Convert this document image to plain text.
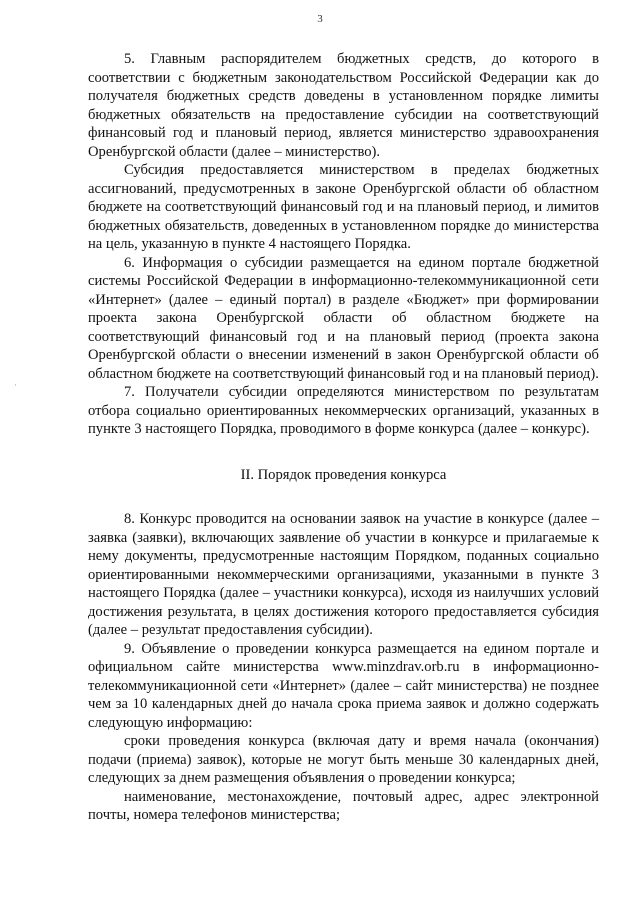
3
·

5. Главным распорядителем бюджетных средств, до которого в соответствии с бюджетным законодательством Российской Федерации как до получателя бюджетных средств доведены в установленном порядке лимиты бюджетных обязательств на предоставление субсидии на соответствующий финансовый год и плановый период, является министерство здравоохранения Оренбургской области (далее – министерство).

Субсидия предоставляется министерством в пределах бюджетных ассигнований, предусмотренных в законе Оренбургской области об областном бюджете на соответствующий финансовый год и на плановый период, и лимитов бюджетных обязательств, доведенных в установленном порядке до министерства на цель, указанную в пункте 4 настоящего Порядка.

6. Информация о субсидии размещается на едином портале бюджетной системы Российской Федерации в информационно-телекоммуникационной сети «Интернет» (далее – единый портал) в разделе «Бюджет» при формировании проекта закона Оренбургской области об областном бюджете на соответствующий финансовый год и на плановый период (проекта закона Оренбургской области о внесении изменений в закон Оренбургской области об областном бюджете на соответствующий финансовый год и на плановый период).

7. Получатели субсидии определяются министерством по результатам отбора социально ориентированных некоммерческих организаций, указанных в пункте 3 настоящего Порядка, проводимого в форме конкурса (далее – конкурс).

II. Порядок проведения конкурса

8. Конкурс проводится на основании заявок на участие в конкурсе (далее – заявка (заявки), включающих заявление об участии в конкурсе и прилагаемые к нему документы, предусмотренные настоящим Порядком, поданных социально ориентированными некоммерческими организациями, указанными в пункте 3 настоящего Порядка (далее – участники конкурса), исходя из наилучших условий достижения результата, в целях достижения которого предоставляется субсидия (далее – результат предоставления субсидии).

9. Объявление о проведении конкурса размещается на едином портале и официальном сайте министерства www.minzdrav.orb.ru в информационно-телекоммуникационной сети «Интернет» (далее – сайт министерства) не позднее чем за 10 календарных дней до начала срока приема заявок и должно содержать следующую информацию:

сроки проведения конкурса (включая дату и время начала (окончания) подачи (приема) заявок), которые не могут быть меньше 30 календарных дней, следующих за днем размещения объявления о проведении конкурса;

наименование, местонахождение, почтовый адрес, адрес электронной почты, номера телефонов министерства;
